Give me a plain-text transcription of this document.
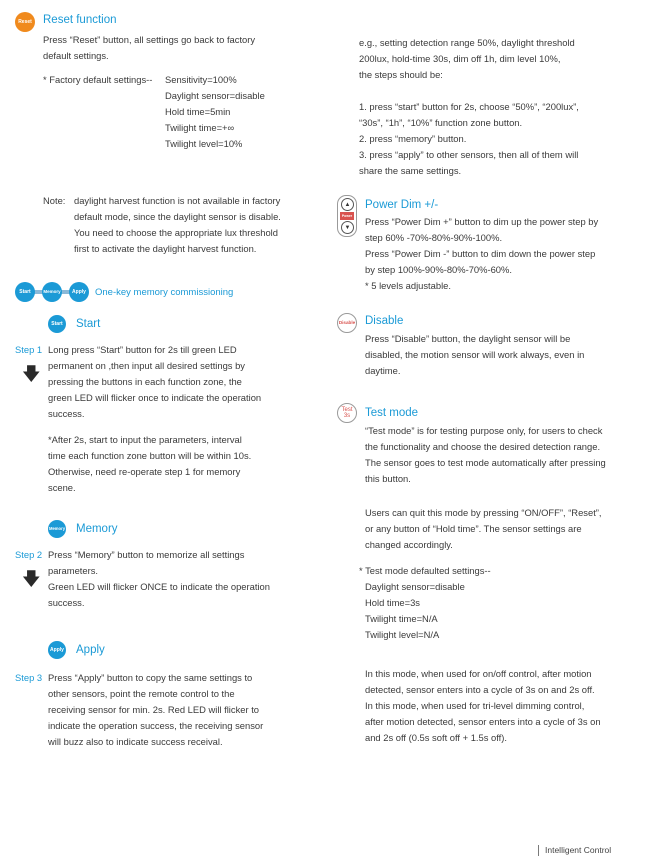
Reset Reset function

Press “Reset” button, all settings go back to factory
default settings.

* Factory default settings-- Sensitivity=100%
Daylight sensor=disable
Hold time=5min
Twilight time=+∞
Twilight level=10%

Note: daylight harvest function is not available in factory
default mode, since the daylight sensor is disable.
You need to choose the appropriate lux threshold
first to activate the daylight harvest function.

Start	Memory Apply One-key memory commissioning
Start Start
Step 1
🡇

Long press “Start” button for 2s till green LED
permanent on ,then input all desired settings by
pressing the buttons in each function zone, the
green LED will flicker once to indicate the operation
success.

*After 2s, start to input the parameters, interval
time each function zone button will be within 10s.
Otherwise, need re-operate step 1 for memory
scene.

Memory Memory
Step 2
🡇

Press “Memory” button to memorize all settings
parameters.
Green LED will flicker ONCE to indicate the operation
success.

Apply Apply
Step 3 Press “Apply” button to copy the same settings to
other sensors, point the remote control to the
receiving sensor for min. 2s. Red LED will flicker to
indicate the operation success, the receiving sensor
will buzz also to indicate success receival.

e.g., setting detection range 50%, daylight threshold
200lux, hold-time 30s, dim off 1h, dim level 10%,
the steps should be:

1. press “start” button for 2s, choose “50%”, “200lux”,
“30s”, “1h”, “10%” function zone button.
2. press “memory” button.
3. press “apply” to other sensors, then all of them will
share the same settings.

▲
Power
▼
Power Dim +/-

Press “Power Dim +” button to dim up the power step by
step 60% -70%-80%-90%-100%.
Press “Power Dim -” button to dim down the power step
by step 100%-90%-80%-70%-60%.
* 5 levels adjustable.

Disable Disable

Press “Disable” button, the daylight sensor will be
disabled, the motion sensor will work always, even in
daytime.

Test
3s Test mode

“Test mode” is for testing purpose only, for users to check
the functionality and choose the desired detection range.
The sensor goes to test mode automatically after pressing
this button.

Users can quit this mode by pressing “ON/OFF”, “Reset”,
or any button of “Hold time”. The sensor settings are
changed accordingly.

* Test mode defaulted settings--

Daylight sensor=disable
Hold time=3s
Twilight time=N/A
Twilight level=N/A

In this mode, when used for on/off control, after motion
detected, sensor enters into a cycle of 3s on and 2s off.
In this mode, when used for tri-level dimming control,
after motion detected, sensor enters into a cycle of 3s on
and 2s off (0.5s soft off + 1.5s off).

Intelligent Control
